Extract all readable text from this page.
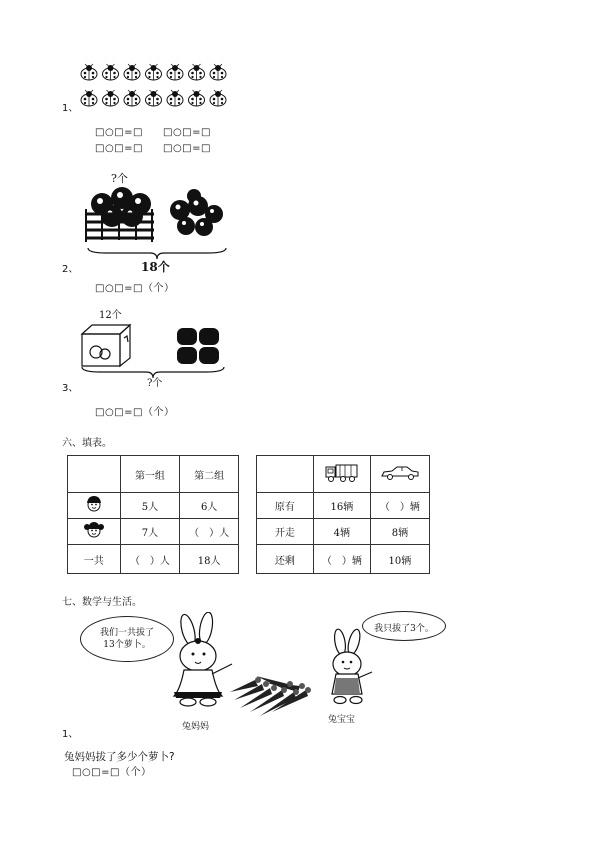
1、
□○□=□ □○□=□
□○□=□ □○□=□
?个
18个
2、
□○□=□（个）
12个
?个
3、
□○□=□（个）
六、填表。
	第一组	第二组
	5人	6人
	7人	（　）人
一共	（　）人	18人

原有	16辆	（　）辆
开走	4辆	8辆
还剩	（　）辆	10辆
七、数学与生活。
我们一共拔了
13个萝卜。
我只拔了3个。
兔妈妈
兔宝宝
1、
兔妈妈拔了多少个萝卜?
□○□=□（个）
